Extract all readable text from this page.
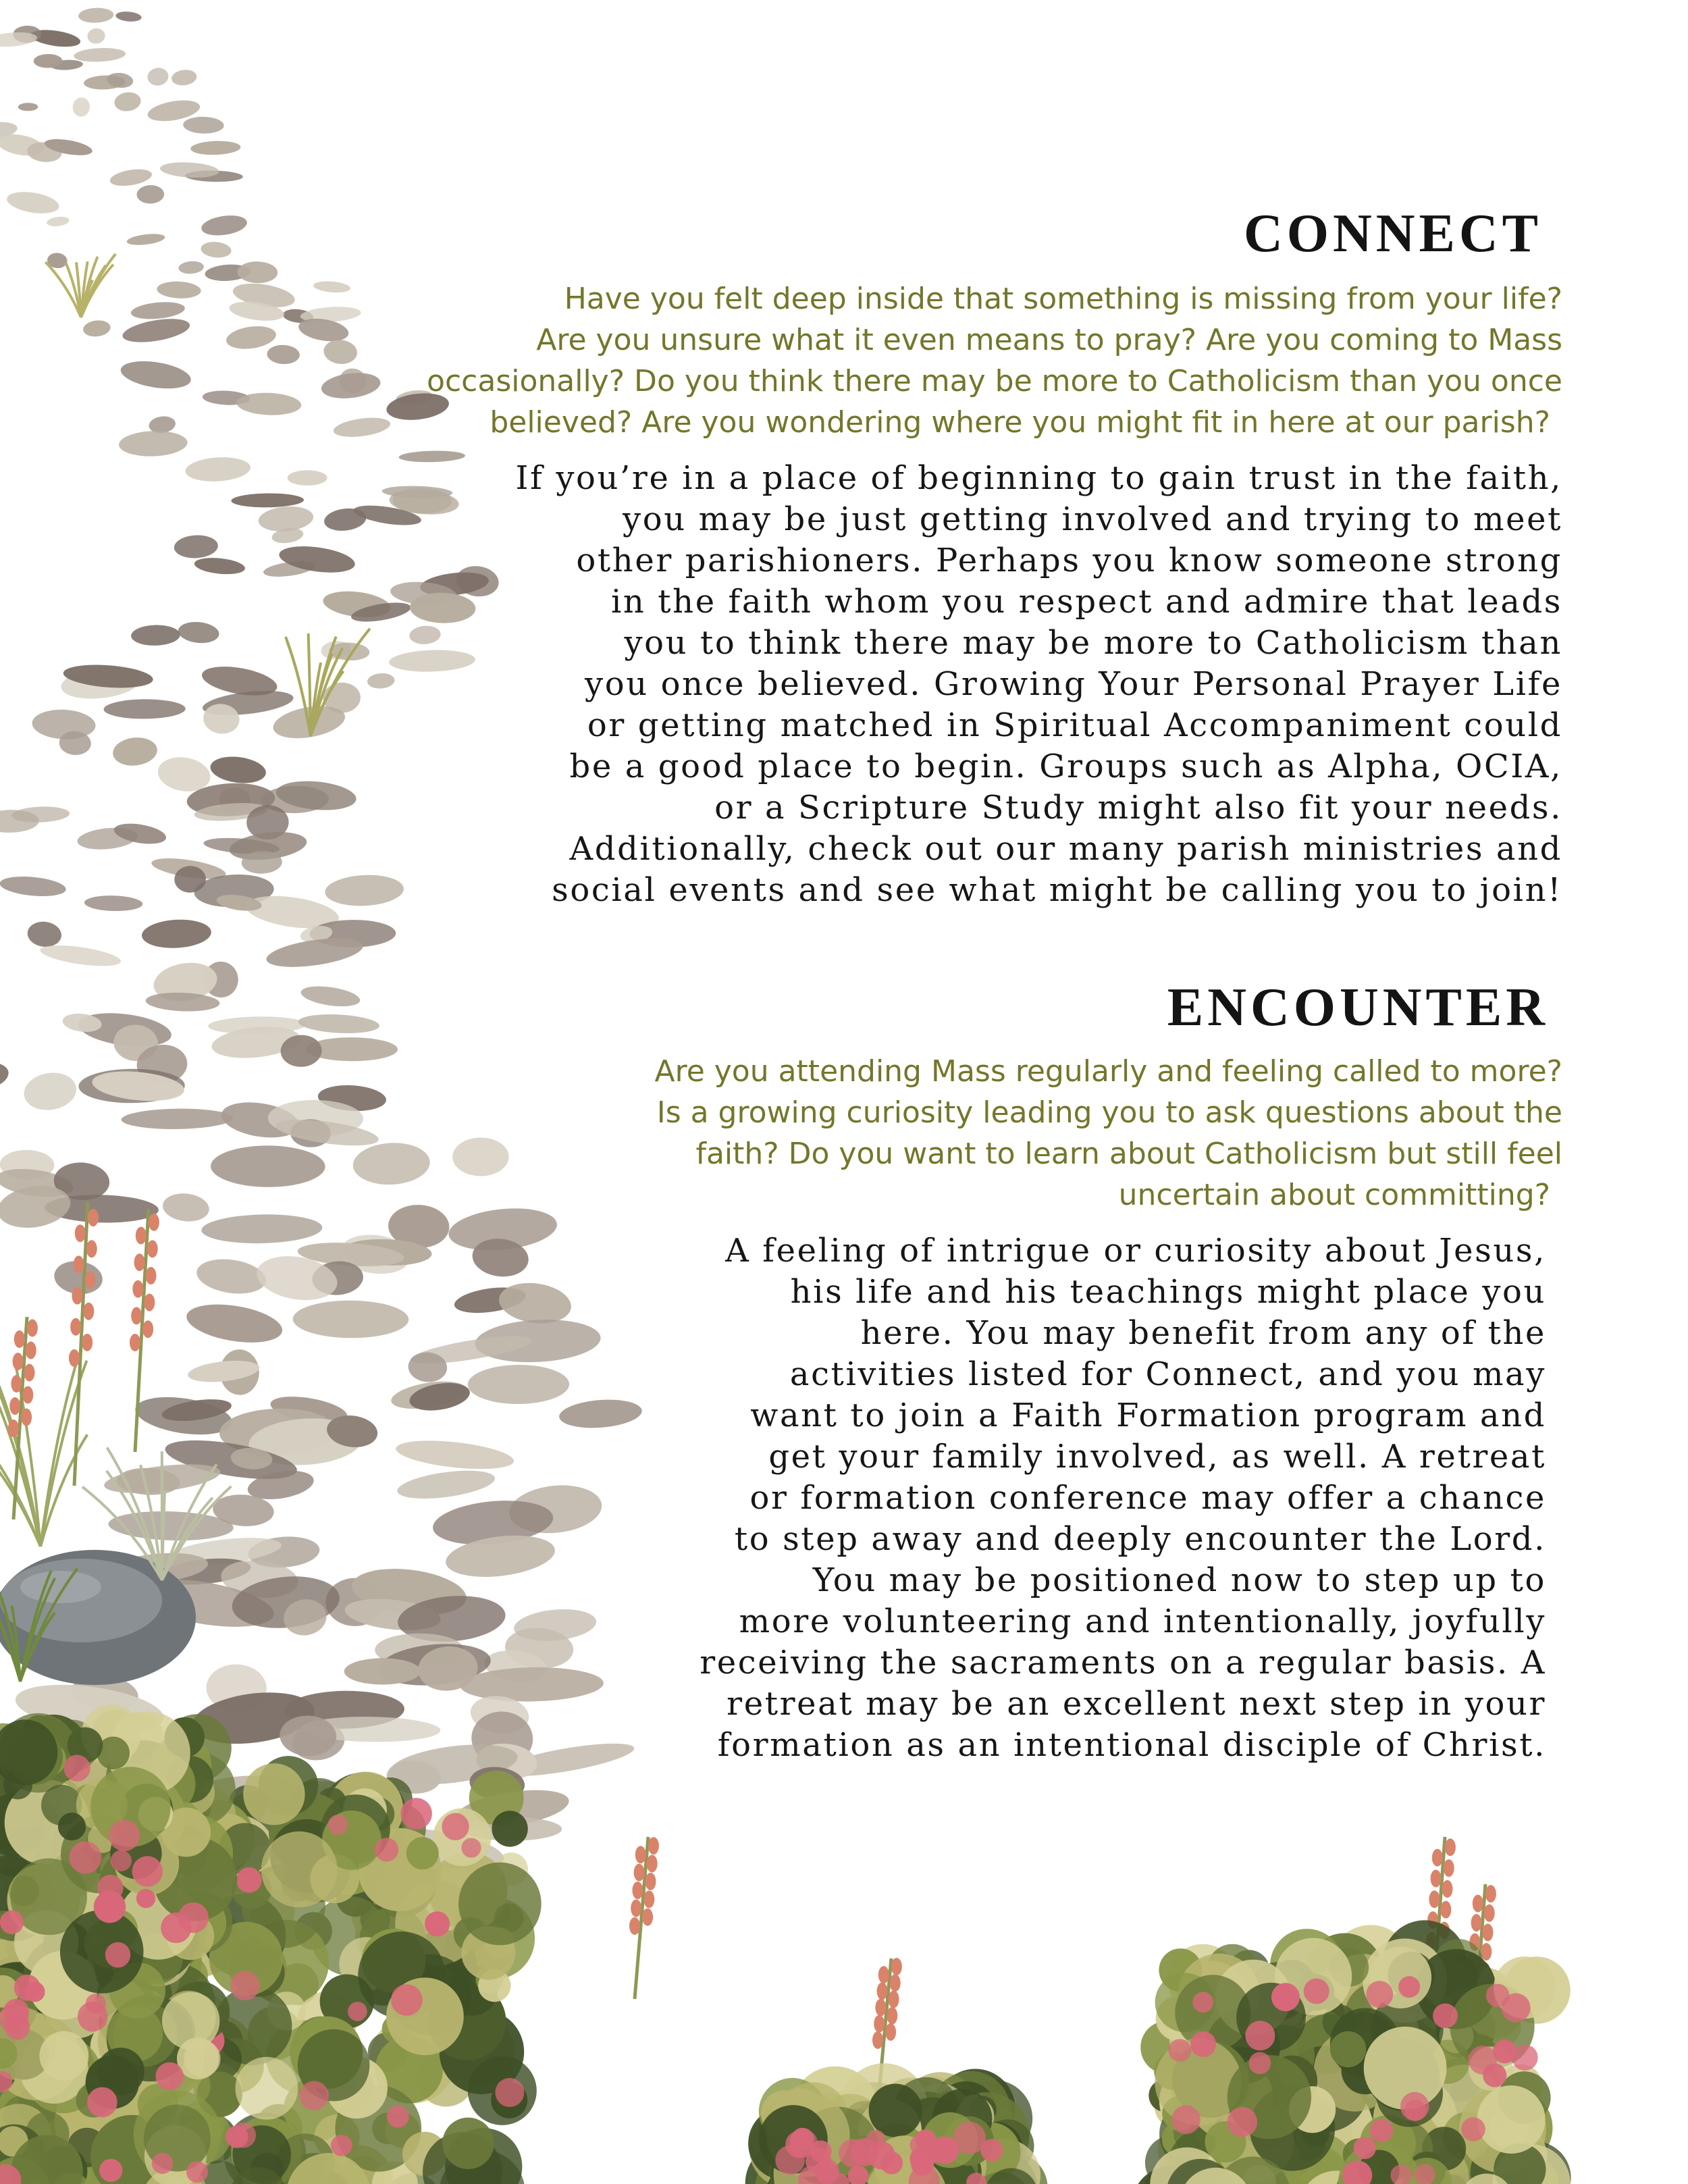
CONNECT

Have you felt deep inside that something is missing from your life?
Are you unsure what it even means to pray? Are you coming to Mass
occasionally? Do you think there may be more to Catholicism than you once
believed? Are you wondering where you might fit in here at our parish?

If you’re in a place of beginning to gain trust in the faith,
you may be just getting involved and trying to meet
other parishioners. Perhaps you know someone strong
in the faith whom you respect and admire that leads
you to think there may be more to Catholicism than
you once believed. Growing Your Personal Prayer Life
or getting matched in Spiritual Accompaniment could
be a good place to begin. Groups such as Alpha, OCIA,
or a Scripture Study might also fit your needs.
Additionally, check out our many parish ministries and
social events and see what might be calling you to join!

ENCOUNTER

Are you attending Mass regularly and feeling called to more?
Is a growing curiosity leading you to ask questions about the
faith? Do you want to learn about Catholicism but still feel
uncertain about committing?

A feeling of intrigue or curiosity about Jesus,
his life and his teachings might place you
here. You may benefit from any of the
activities listed for Connect, and you may
want to join a Faith Formation program and
get your family involved, as well. A retreat
or formation conference may offer a chance
to step away and deeply encounter the Lord.
You may be positioned now to step up to
more volunteering and intentionally, joyfully
receiving the sacraments on a regular basis. A
retreat may be an excellent next step in your
formation as an intentional disciple of Christ.
